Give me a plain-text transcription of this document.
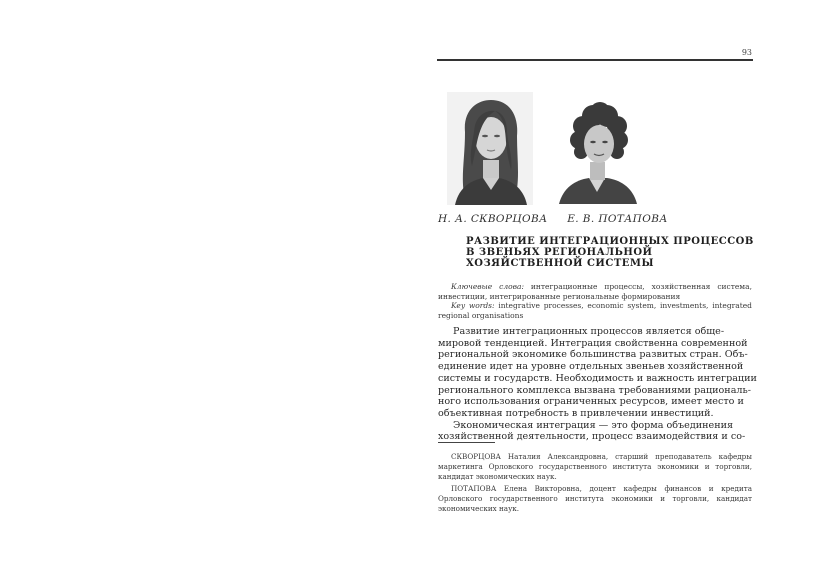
93
Н. А. СКВОРЦОВА Е. В. ПОТАПОВА
РАЗВИТИЕ ИНТЕГРАЦИОННЫХ ПРОЦЕССОВ
В ЗВЕНЬЯХ РЕГИОНАЛЬНОЙ
ХОЗЯЙСТВЕННОЙ СИСТЕМЫ

Ключевые слова: интеграционные процессы, хозяйственная система, инвестиции, интегрированные региональные формирования

Key words: integrative processes, economic system, investments, integrated regional organisations

Развитие интеграционных процессов является обще-
мировой тенденцией. Интеграция свойственна современной
региональной экономике большинства развитых стран. Объ-
единение идет на уровне отдельных звеньев хозяйственной
системы и государств. Необходимость и важность интеграции
регионального комплекса вызвана требованиями рациональ-
ного использования ограниченных ресурсов, имеет место и
объективная потребность в привлечении инвестиций.
Экономическая интеграция — это форма объединения
хозяйственной деятельности, процесс взаимодействия и со-

СКВОРЦОВА Наталия Александровна, старший преподаватель кафедры маркетинга Орловского государственного института экономики и торговли, кандидат экономических наук.

ПОТАПОВА Елена Викторовна, доцент кафедры финансов и кредита Орловского государственного института экономики и торговли, кандидат экономических наук.
